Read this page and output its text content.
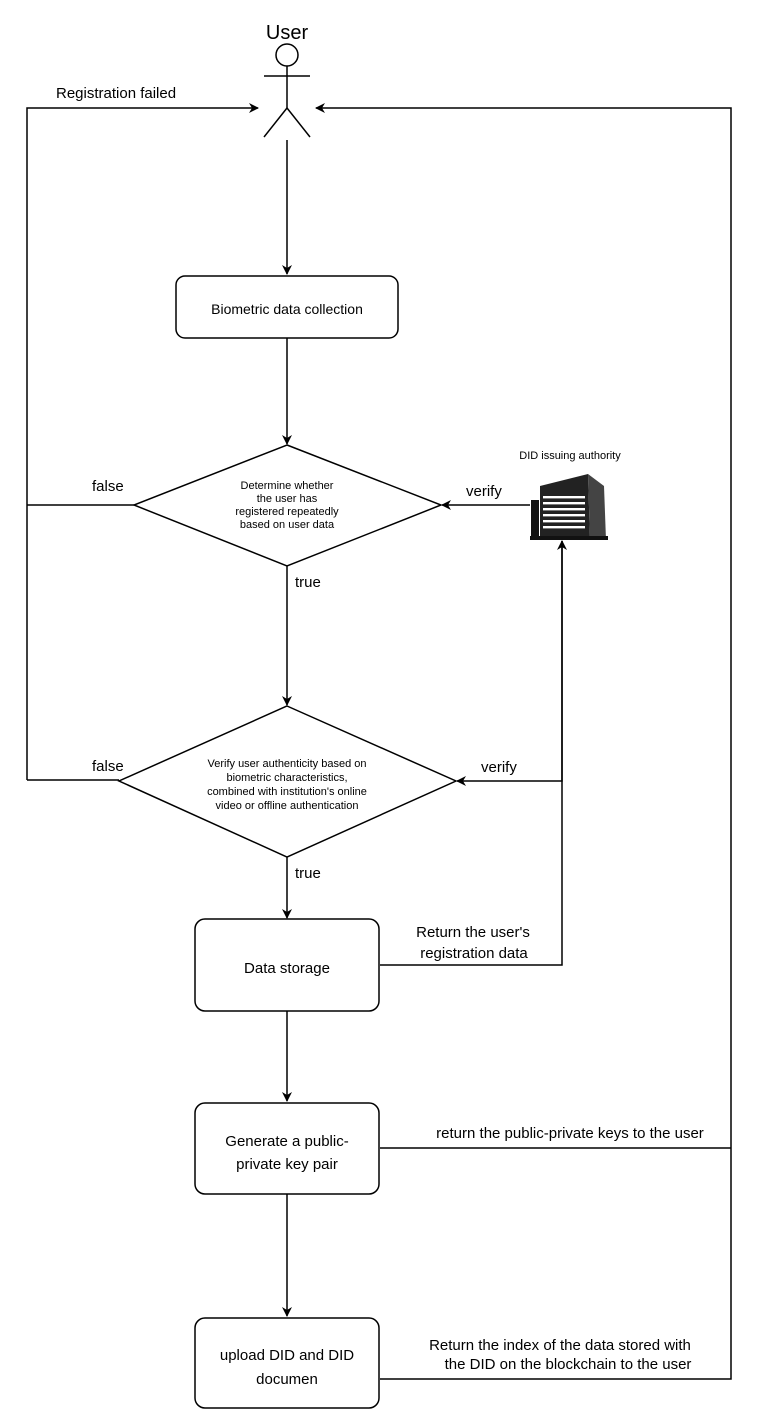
User
Biometric data collection
Determine whether
the user has
registered repeatedly
based on user data
Verify user authenticity based on
biometric characteristics,
combined with institution's online
video or offline authentication
Data storage
Generate a public-
private key pair
upload DID and DID
documen
DID issuing authority
Registration failed
false
false
true
true
verify
verify
Return the user's
registration data
return the public-private keys to the user
Return the index of the data stored with
the DID on the blockchain to the user
